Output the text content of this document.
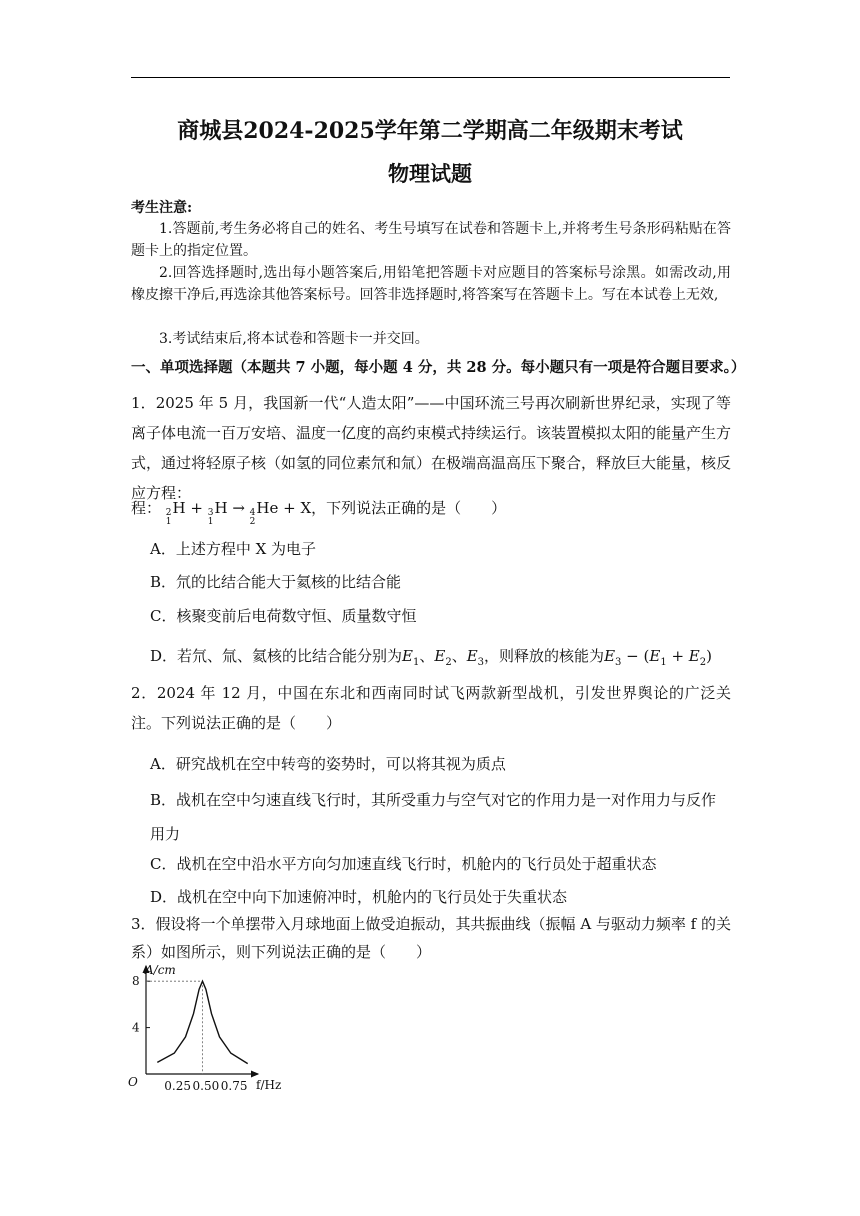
商城县2024-2025学年第二学期高二年级期末考试
物理试题
考生注意:
1.答题前,考生务必将自己的姓名、考生号填写在试卷和答题卡上,并将考生号条形码粘贴在答题卡上的指定位置。
2.回答选择题时,选出每小题答案后,用铅笔把答题卡对应题目的答案标号涂黑。如需改动,用橡皮擦干净后,再选涂其他答案标号。回答非选择题时,将答案写在答题卡上。写在本试卷上无效,
3.考试结束后,将本试卷和答题卡一并交回。
一、单项选择题（本题共 7 小题，每小题 4 分，共 28 分。每小题只有一项是符合题目要求。）
1．2025 年 5 月，我国新一代“人造太阳”——中国环流三号再次刷新世界纪录，实现了等离子体电流一百万安培、温度一亿度的高约束模式持续运行。该装置模拟太阳的能量产生方式，通过将轻原子核（如氢的同位素氘和氚）在极端高温高压下聚合，释放巨大能量，核反应方程：
程： 2
1
H + 3
1
H → 4
2
He + X，下列说法正确的是（　　）
A．上述方程中 X 为电子
B．氘的比结合能大于氦核的比结合能
C．核聚变前后电荷数守恒、质量数守恒
D．若氘、氚、氦核的比结合能分别为$E_1$、$E_2$、$E_3$，则释放的核能为$E_3 - (E_1 + E_2)$
2．2024 年 12 月，中国在东北和西南同时试飞两款新型战机，引发世界舆论的广泛关注。下列说法正确的是（　　）
A．研究战机在空中转弯的姿势时，可以将其视为质点
B．战机在空中匀速直线飞行时，其所受重力与空气对它的作用力是一对作用力与反作用力
C．战机在空中沿水平方向匀加速直线飞行时，机舱内的飞行员处于超重状态
D．战机在空中向下加速俯冲时，机舱内的飞行员处于失重状态
3．假设将一个单摆带入月球地面上做受迫振动，其共振曲线（振幅 A 与驱动力频率 f 的关系）如图所示，则下列说法正确的是（　　）
A/cm
f/Hz
O 0.25 0.50 0.75
4
8
